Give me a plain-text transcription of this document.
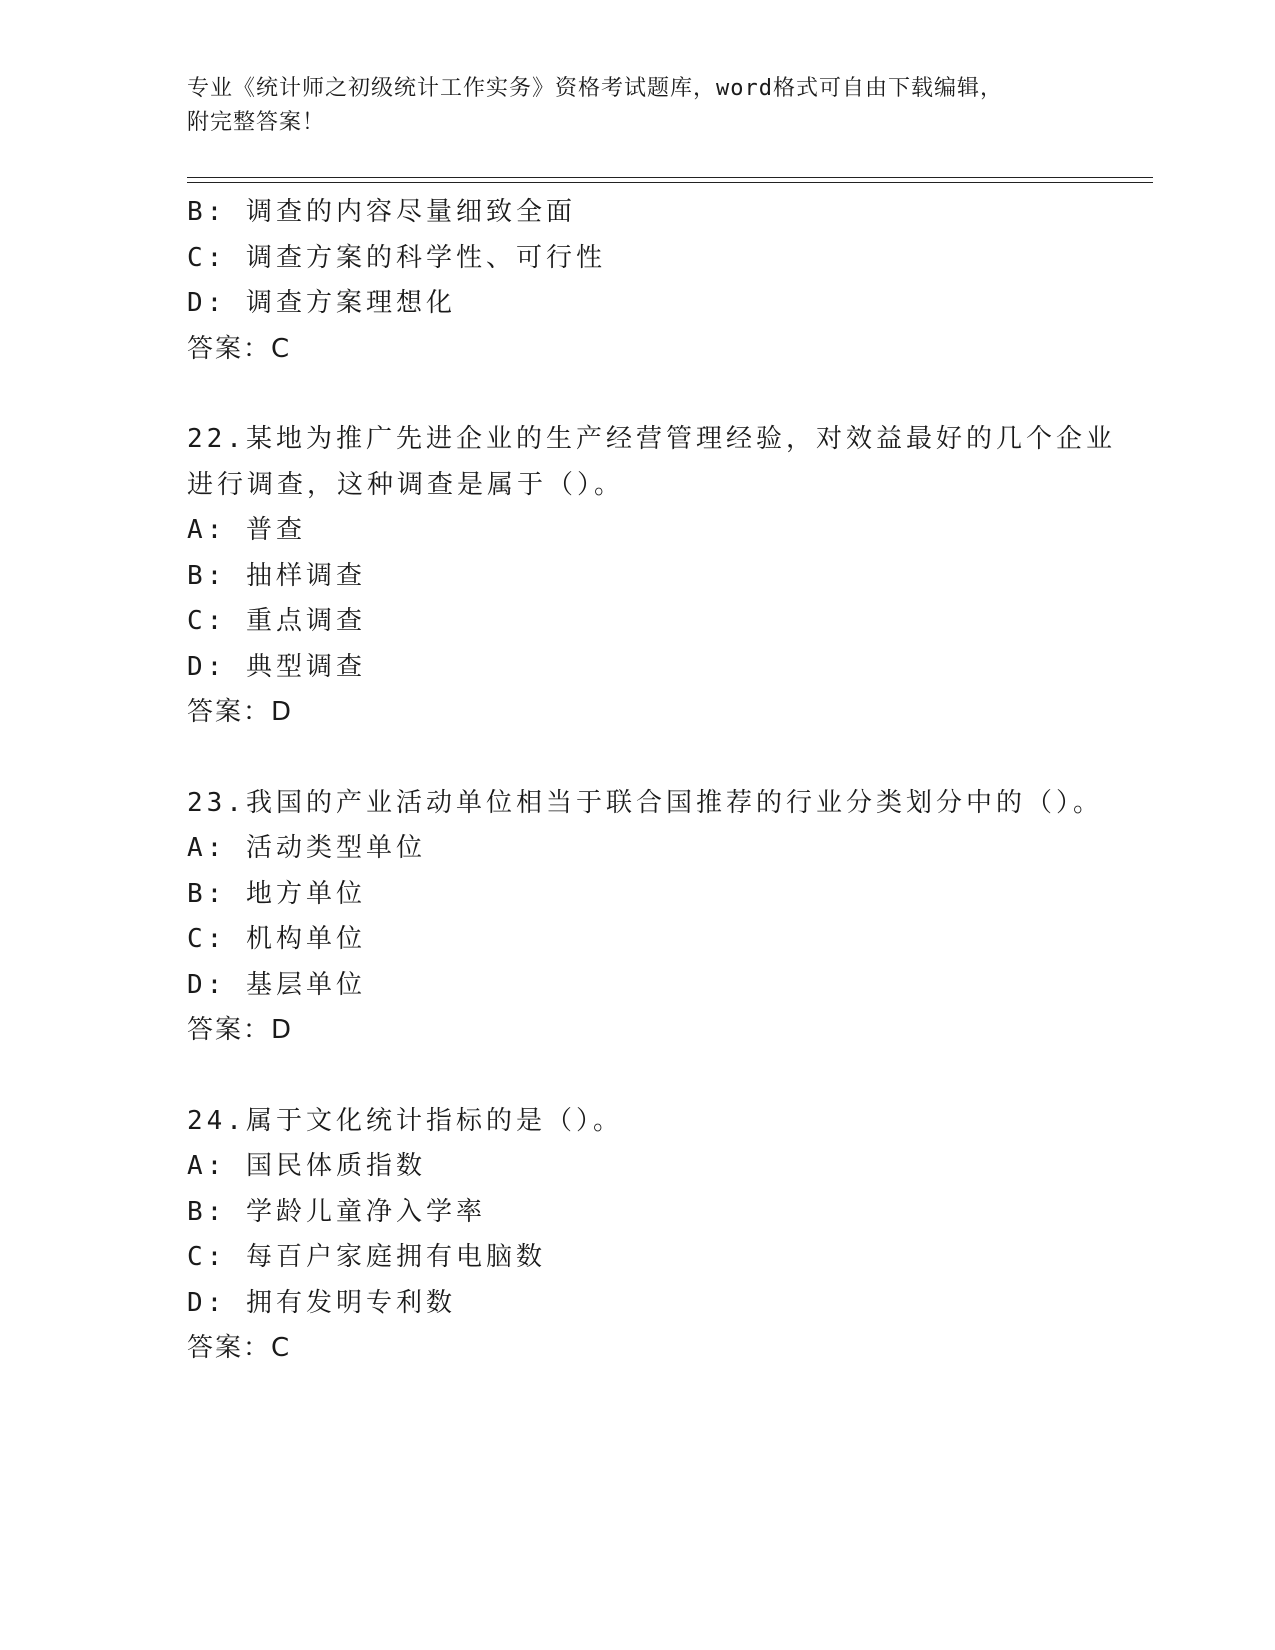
专业《统计师之初级统计工作实务》资格考试题库，word格式可自由下载编辑，
附完整答案！
B: 调查的内容尽量细致全面
C: 调查方案的科学性、可行性
D: 调查方案理想化
答案：C
22.某地为推广先进企业的生产经营管理经验，对效益最好的几个企业
进行调查，这种调查是属于（）。
A: 普查
B: 抽样调查
C: 重点调查
D: 典型调查
答案：D
23.我国的产业活动单位相当于联合国推荐的行业分类划分中的（）。
A: 活动类型单位
B: 地方单位
C: 机构单位
D: 基层单位
答案：D
24.属于文化统计指标的是（）。
A: 国民体质指数
B: 学龄儿童净入学率
C: 每百户家庭拥有电脑数
D: 拥有发明专利数
答案：C
